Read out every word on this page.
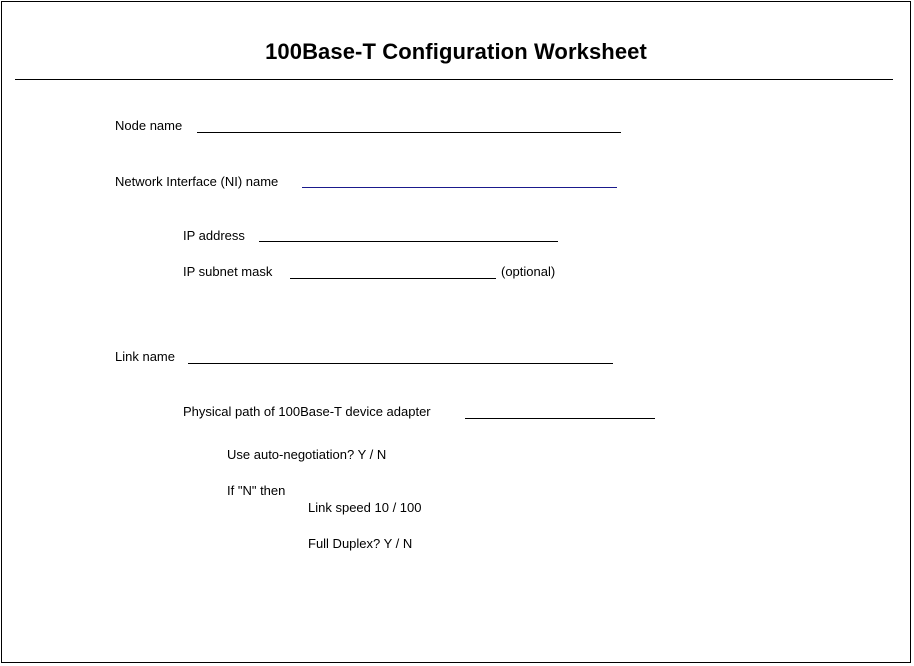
100Base-T Configuration Worksheet
Node name
Network Interface (NI) name
IP address
IP subnet mask	(optional)
Link name
Physical path of 100Base-T device adapter
Use auto-negotiation? Y / N
If "N" then
Link speed 10 / 100
Full Duplex? Y / N
